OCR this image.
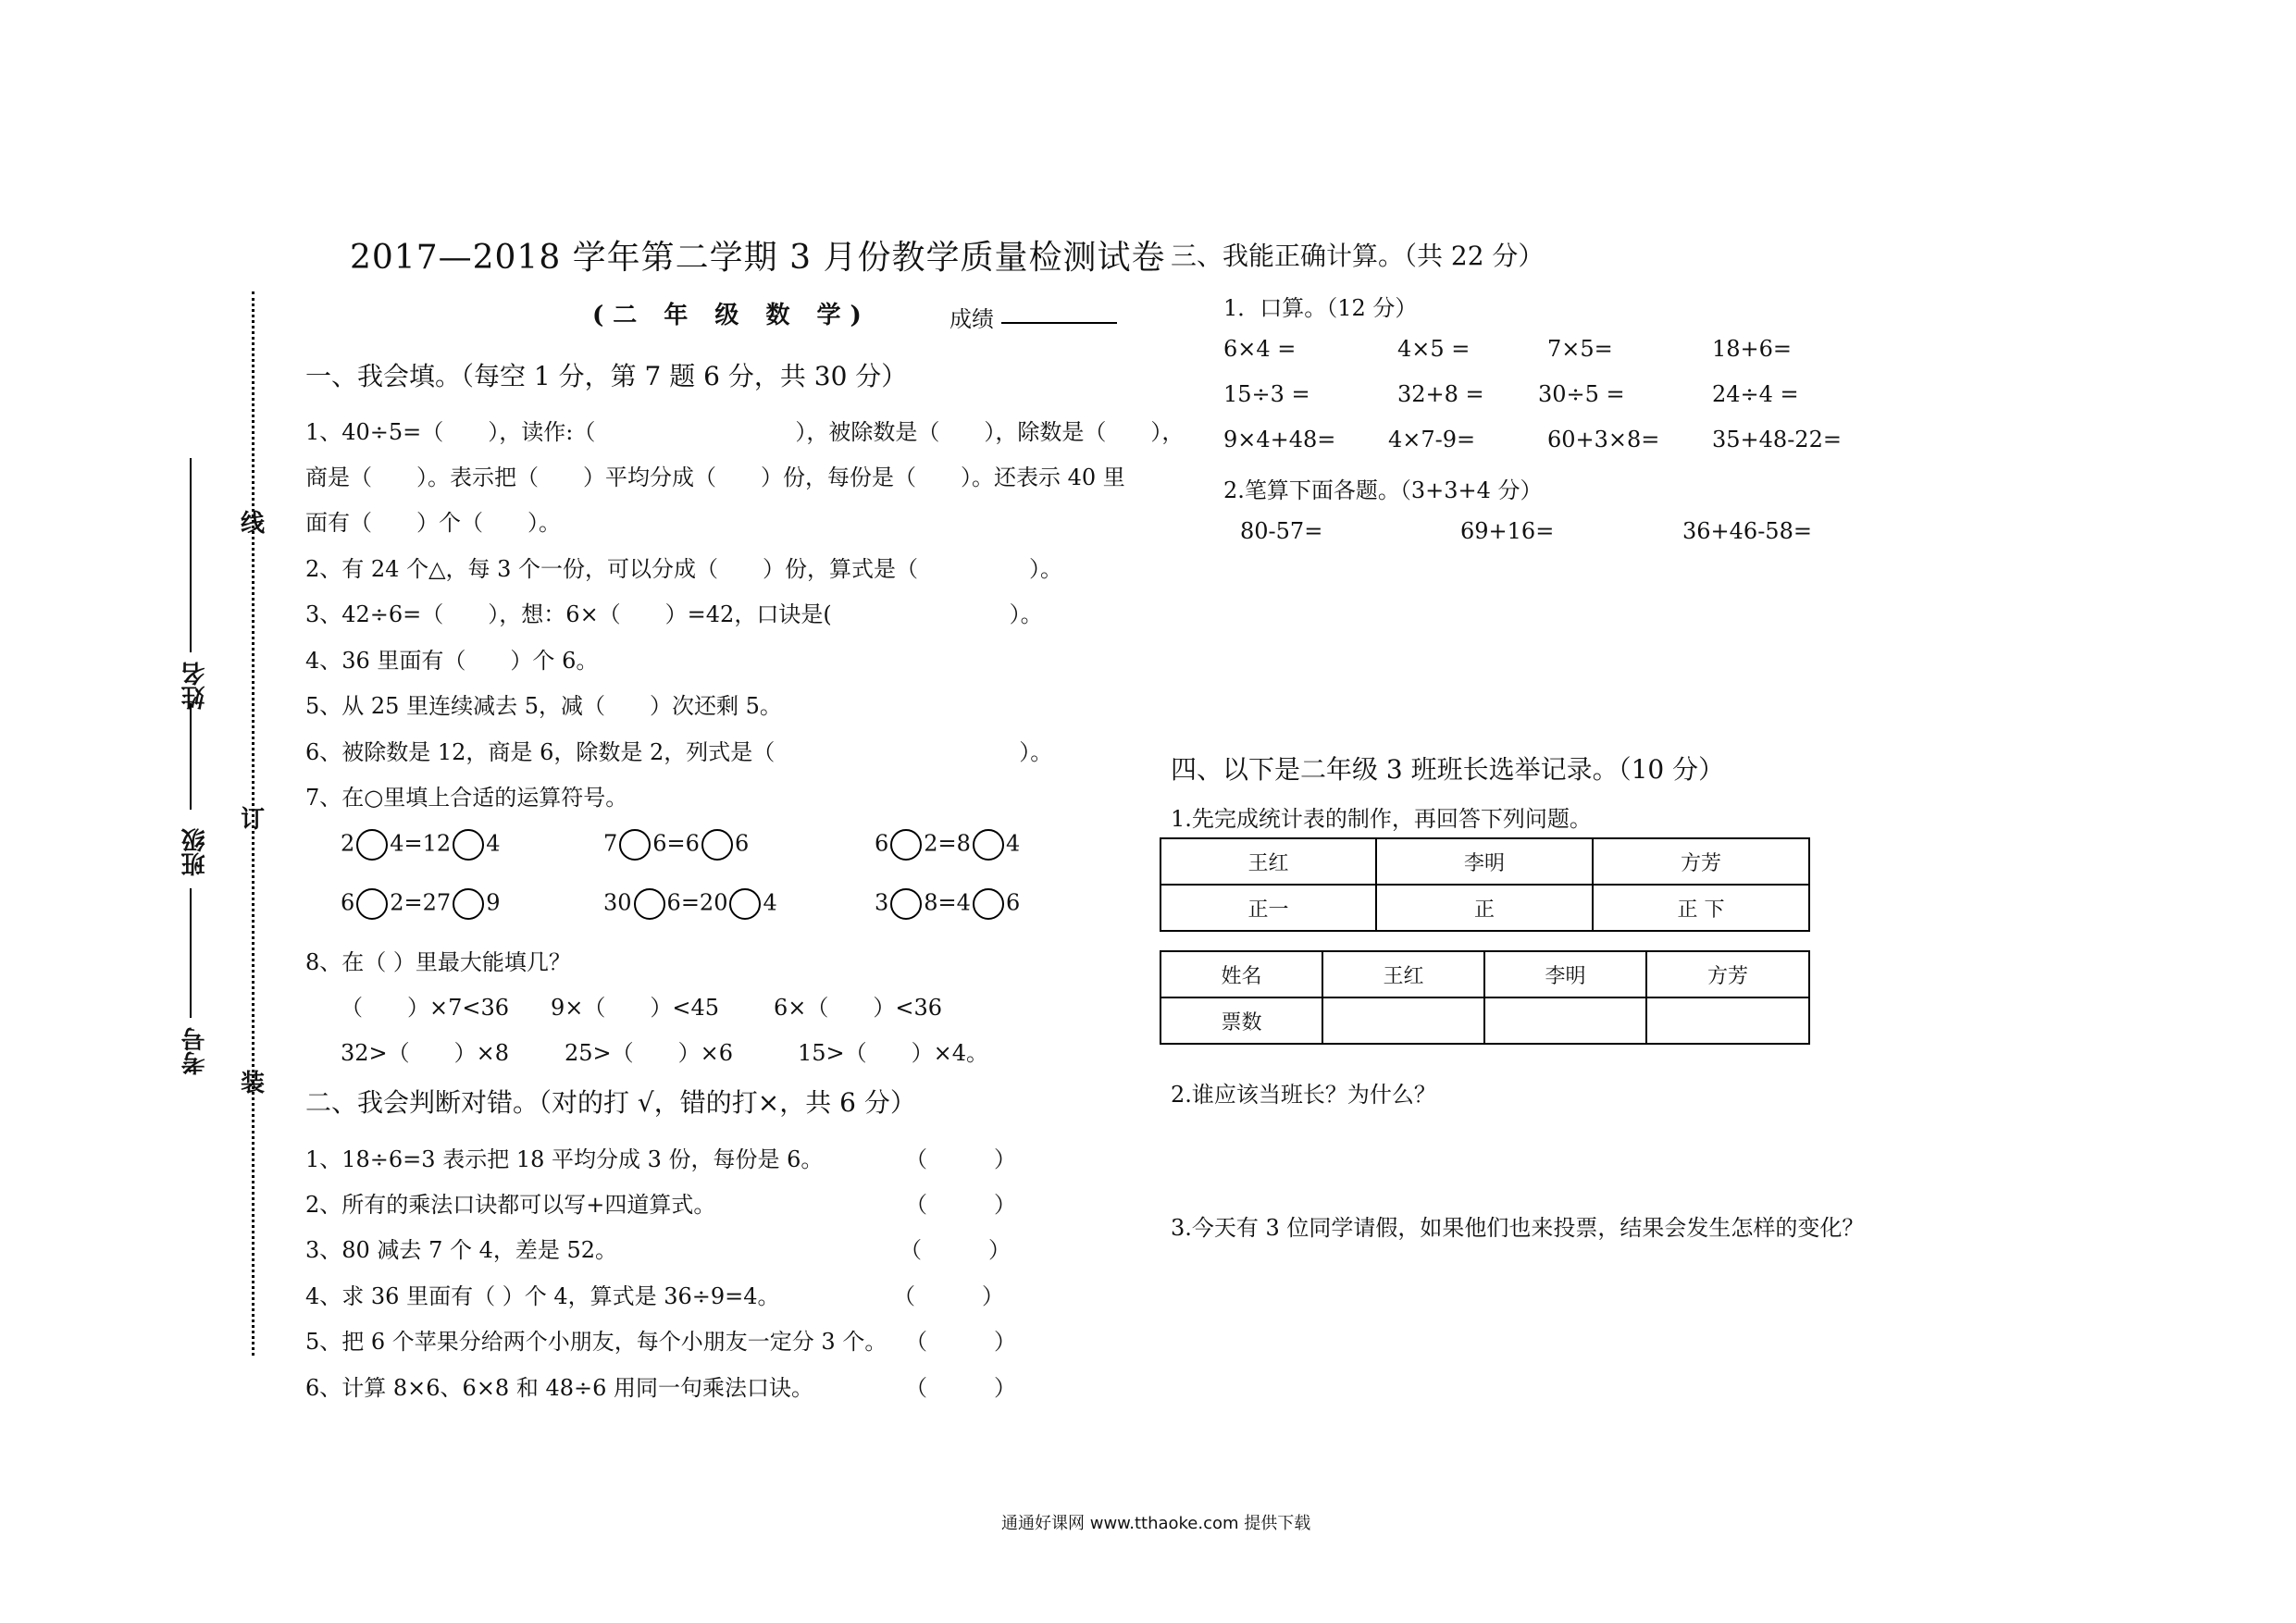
线
订
装
姓名
班级
考号
2017—2018 学年第二学期 3 月份教学质量检测试卷
(二 年 级 数 学)	成绩
一、我会填。（每空 1 分，第 7 题 6 分，共 30 分）
1、40÷5=（　　），读作:（　　　　　　　　　），被除数是（　　），除数是（　　），
商是（　　）。表示把（　　）平均分成（　　）份，每份是（　　）。还表示 40 里
面有（　　）个（　　）。
2、有 24 个△，每 3 个一份，可以分成（　　）份，算式是（　　　　　）。
3、42÷6=（　　），想：6×（　　）=42，口诀是(　　　　　　　　）。
4、36 里面有（　　）个 6。
5、从 25 里连续减去 5，减（　　）次还剩 5。
6、被除数是 12，商是 6，除数是 2，列式是（　　　　　　　　　　　）。
7、在○里填上合适的运算符号。
2 4=12 4	7 6=6 6	6 2=8 4
6 2=27 9	30 6=20 4	3 8=4 6
8、在（ ）里最大能填几？
（　　）×7<36 9×（　　）<45 6×（　　）<36
32>（　　）×8 25>（　　）×6	15>（　　）×4。
二、我会判断对错。（对的打 √，错的打×，共 6 分）
1、18÷6=3 表示把 18 平均分成 3 份，每份是 6。	（　　　）
2、所有的乘法口诀都可以写+四道算式。	（　　　）
3、80 减去 7 个 4，差是 52。	（　　　）
4、求 36 里面有（ ）个 4，算式是 36÷9=4。	（　　　）
5、把 6 个苹果分给两个小朋友，每个小朋友一定分 3 个。 （　　　）
6、计算 8×6、6×8 和 48÷6 用同一句乘法口诀。	（　　　）
三、我能正确计算。（共 22 分）
1．口算。（12 分）
6×4 =	4×5 =	7×5=	18+6=
15÷3 =	32+8 = 30÷5 =	24÷4 =
9×4+48= 4×7-9=	60+3×8= 35+48-22=
2.笔算下面各题。（3+3+4 分）
80-57=	69+16=	36+46-58=
四、以下是二年级 3 班班长选举记录。（10 分）
1.先完成统计表的制作，再回答下列问题。
王红	李明	方芳
正一	正	正 下
姓名	王红	李明	方芳
票数			
2.谁应该当班长？为什么？
3.今天有 3 位同学请假，如果他们也来投票，结果会发生怎样的变化？
通通好课网 www.tthaoke.com 提供下载
